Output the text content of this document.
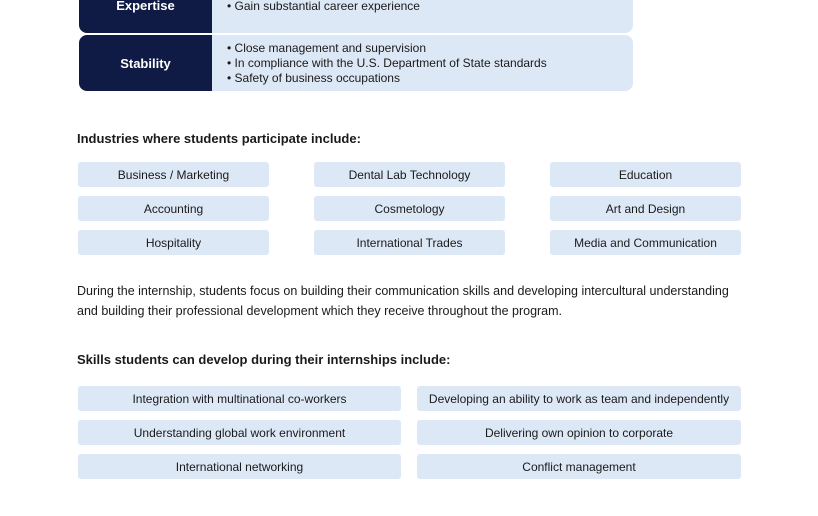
Expertise
•	Gain substantial career experience
Stability
• Close management and supervision
• In compliance with the U.S. Department of State standards
• Safety of business occupations
Industries where students participate include:
Business / Marketing	Dental Lab Technology	Education
Accounting	Cosmetology	Art and Design
Hospitality	International Trades	Media and Communication

During the internship, students focus on building their communication skills and developing intercultural understanding and building their professional development which they receive throughout the program.

Skills students can develop during their internships include:
Integration with multinational co-workers	Developing an ability to work as team and independently
Understanding global work environment	Delivering own opinion to corporate
International networking	Conflict management
